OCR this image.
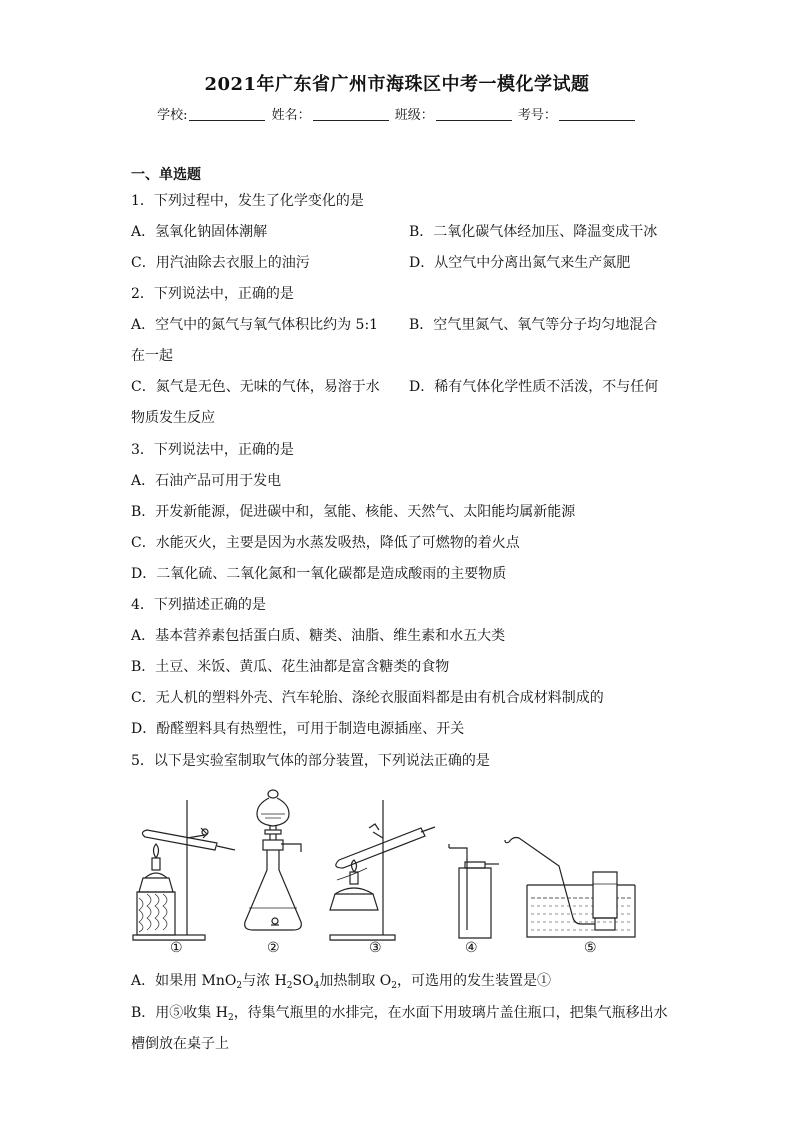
2021年广东省广州市海珠区中考一模化学试题
学校:	姓名：	班级：	考号：
一、单选题
1．下列过程中，发生了化学变化的是
A．氢氧化钠固体潮解	B．二氧化碳气体经加压、降温变成干冰
C．用汽油除去衣服上的油污	D．从空气中分离出氮气来生产氮肥
2．下列说法中，正确的是
A．空气中的氮气与氧气体积比约为 5:1 B．空气里氮气、氧气等分子均匀地混合
在一起
C．氮气是无色、无味的气体，易溶于水 D．稀有气体化学性质不活泼，不与任何
物质发生反应
3．下列说法中，正确的是
A．石油产品可用于发电
B．开发新能源，促进碳中和，氢能、核能、天然气、太阳能均属新能源
C．水能灭火，主要是因为水蒸发吸热，降低了可燃物的着火点
D．二氧化硫、二氧化氮和一氧化碳都是造成酸雨的主要物质
4．下列描述正确的是
A．基本营养素包括蛋白质、糖类、油脂、维生素和水五大类
B．土豆、米饭、黄瓜、花生油都是富含糖类的食物
C．无人机的塑料外壳、汽车轮胎、涤纶衣服面料都是由有机合成材料制成的
D．酚醛塑料具有热塑性，可用于制造电源插座、开关
5．以下是实验室制取气体的部分装置，下列说法正确的是
①	②	③	④	⑤
A．如果用 MnO$_2$与浓 $H_2SO_4$加热制取 $O_2$，可选用的发生装置是①
B．用⑤收集 $H_2$，待集气瓶里的水排完，在水面下用玻璃片盖住瓶口，把集气瓶移出水
槽倒放在桌子上
